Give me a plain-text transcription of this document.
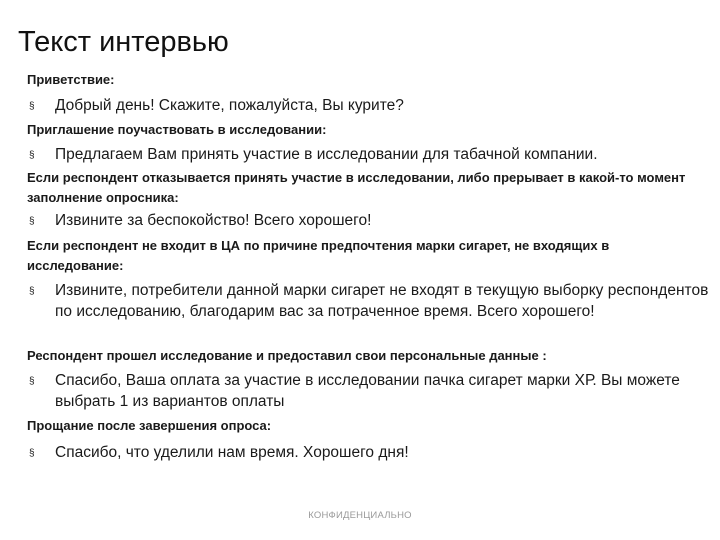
Текст интервью
Приветствие:
§ Добрый день! Скажите, пожалуйста, Вы курите?
Приглашение поучаствовать в исследовании:
§ Предлагаем Вам принять участие в исследовании для табачной компании.
Если респондент отказывается принять участие в исследовании, либо прерывает в какой-то момент заполнение опросника:
§ Извините за беспокойство! Всего хорошего!
Если респондент не входит в ЦА по причине предпочтения марки сигарет, не входящих в исследование:
§ Извините, потребители данной марки сигарет не входят в текущую выборку респондентов по исследованию, благодарим вас за потраченное время. Всего хорошего!
Респондент прошел исследование и предоставил свои персональные данные :
§ Спасибо, Ваша оплата за участие в исследовании пачка сигарет марки ХР. Вы можете выбрать 1 из вариантов оплаты
Прощание после завершения опроса:
§ Спасибо, что уделили нам время. Хорошего дня!
КОНФИДЕНЦИАЛЬНО
